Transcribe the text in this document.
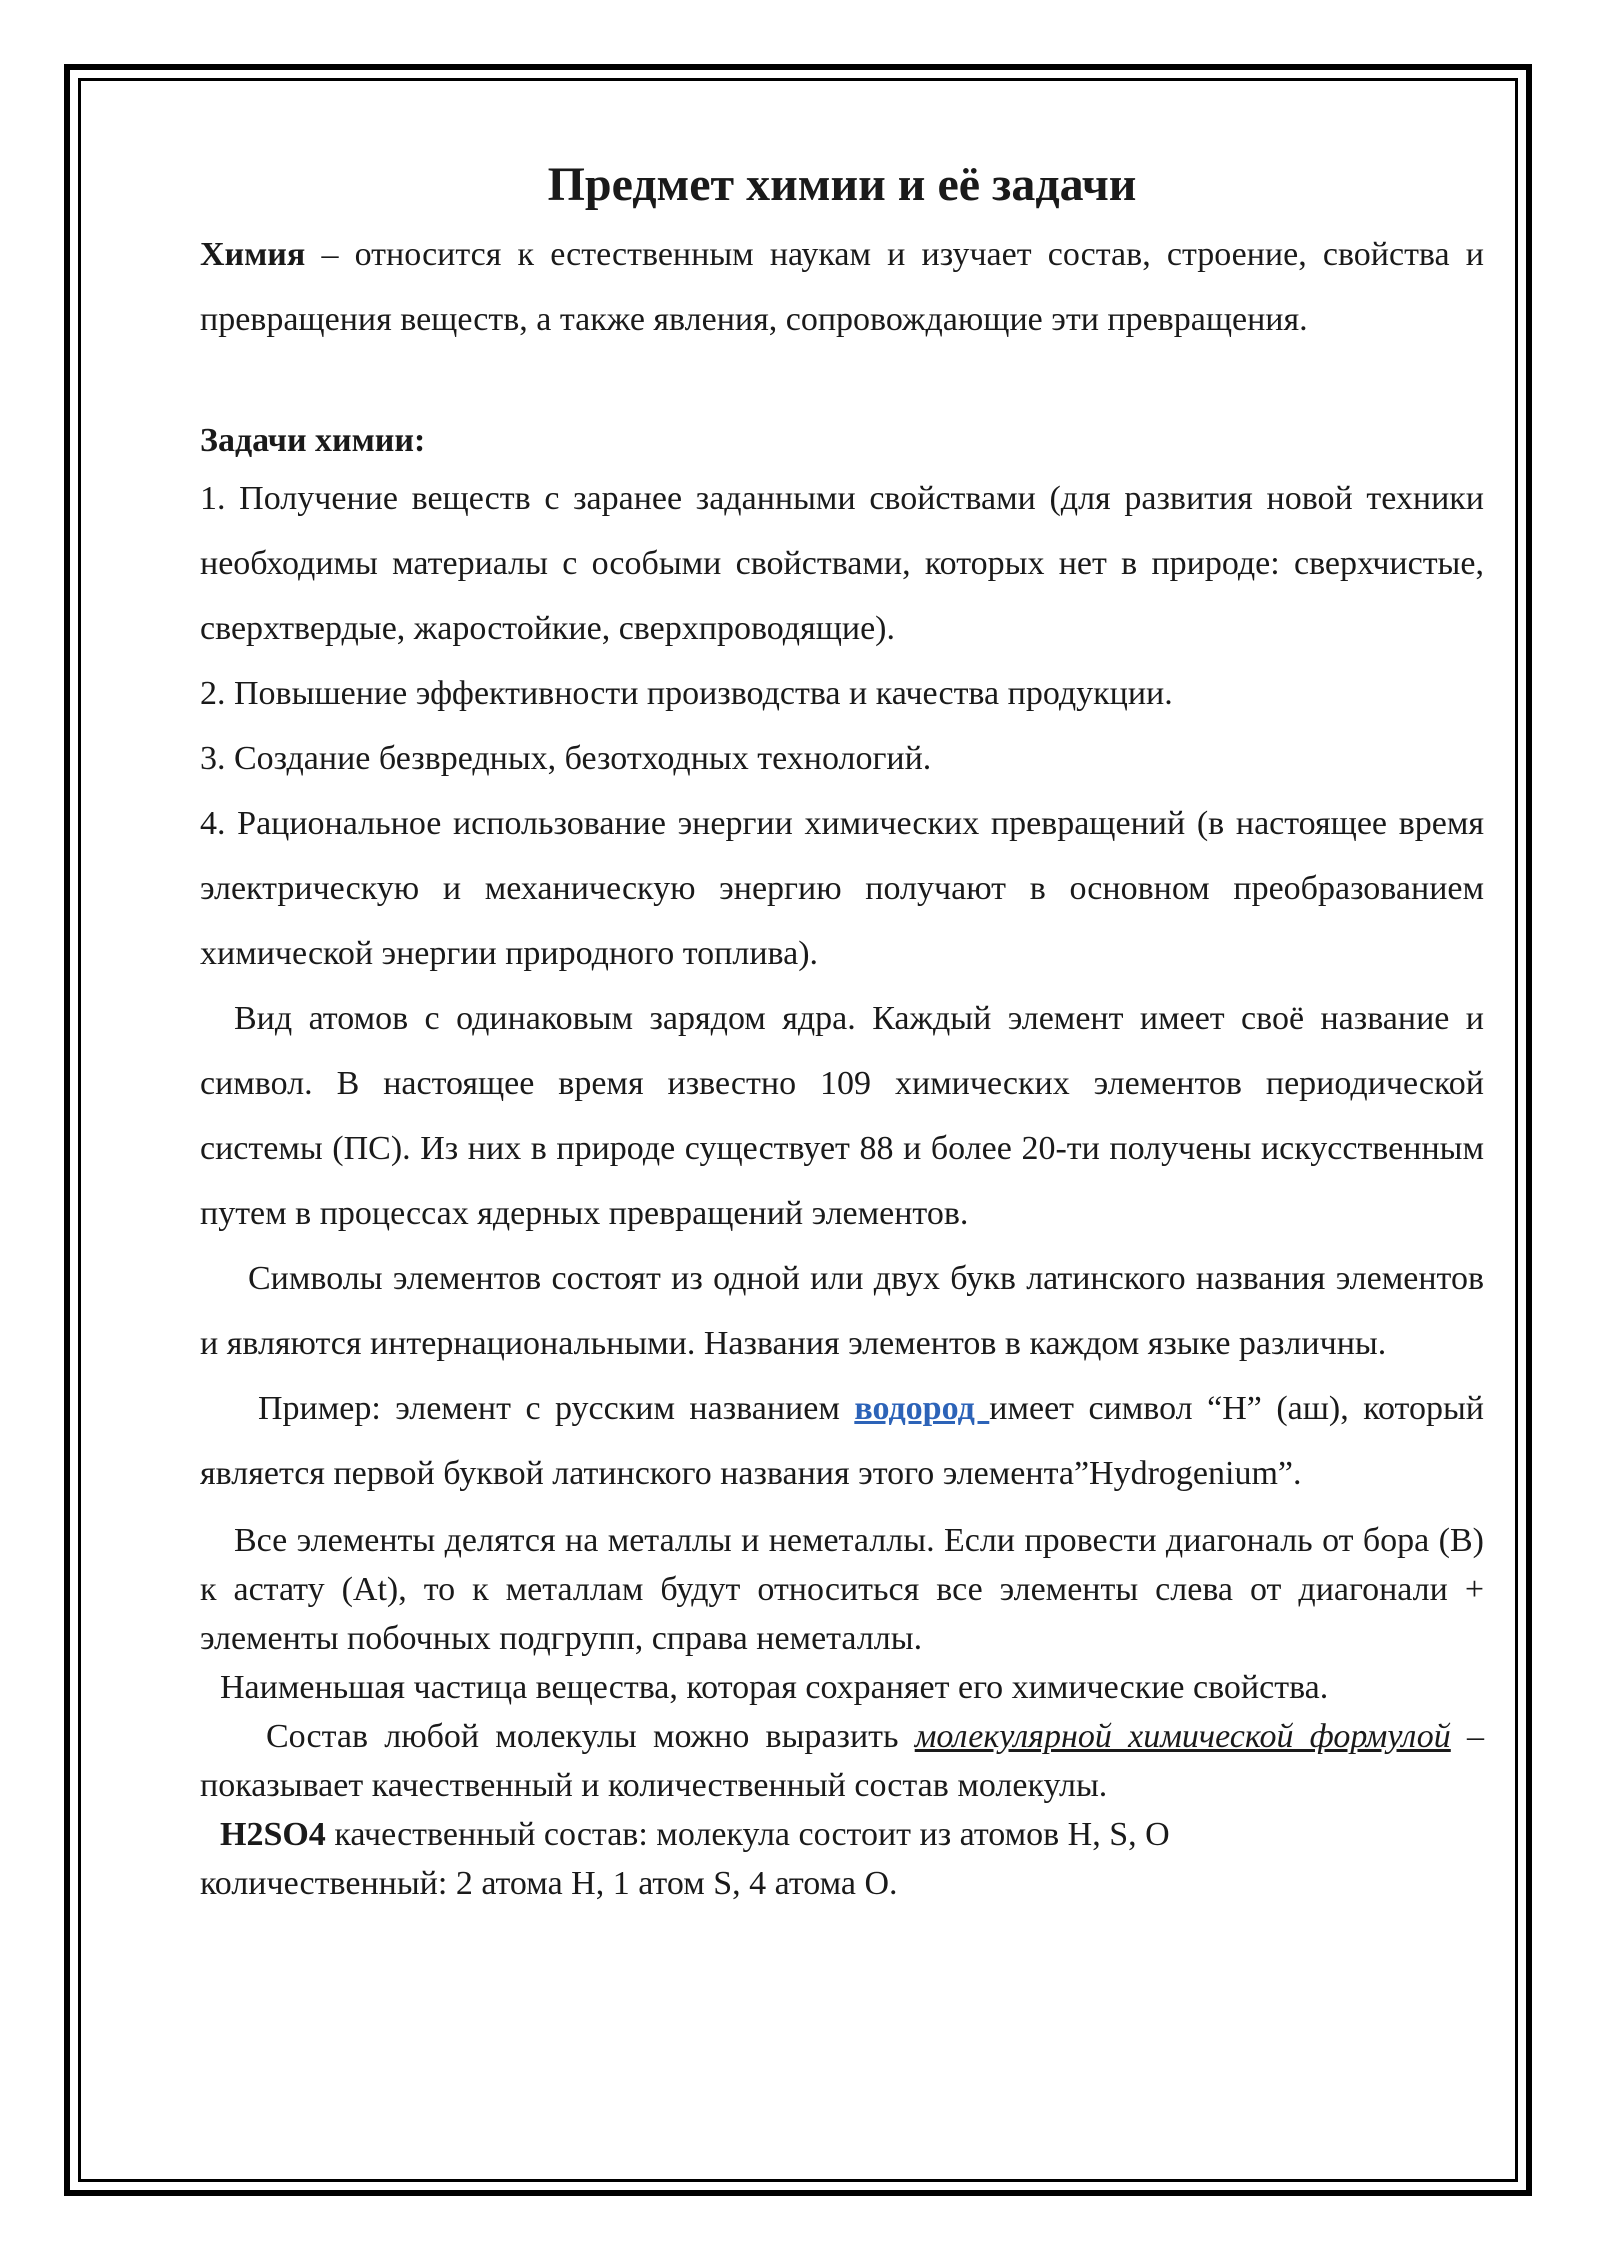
Предмет химии и её задачи

Химия – относится к естественным наукам и изучает состав, строение, свойства и превращения веществ, а также явления, сопровождающие эти превращения.

Задачи химии:

1. Получение веществ с заранее заданными свойствами (для развития новой техники необходимы материалы с особыми свойствами, которых нет в природе: сверхчистые, сверхтвердые, жаростойкие, сверхпроводящие).

2. Повышение эффективности производства и качества продукции.

3. Создание безвредных, безотходных технологий.

4. Рациональное использование энергии химических превращений (в настоящее время электрическую и механическую энергию получают в основном преобразованием химической энергии природного топлива).

Вид атомов с одинаковым зарядом ядра. Каждый элемент имеет своё название и символ. В настоящее время известно 109 химических элементов периодической системы (ПС). Из них в природе существует 88 и более 20-ти получены искусственным путем в процессах ядерных превращений элементов.

Символы элементов состоят из одной или двух букв латинского названия элементов и являются интернациональными. Названия элементов в каждом языке различны.

Пример: элемент с русским названием водород имеет символ “H” (аш), который является первой буквой латинского названия этого элемента”Hydrogenium”.

Все элементы делятся на металлы и неметаллы. Если провести диагональ от бора (B) к астату (At), то к металлам будут относиться все элементы слева от диагонали + элементы побочных подгрупп, справа неметаллы.

Наименьшая частица вещества, которая сохраняет его химические свойства.

Состав любой молекулы можно выразить молекулярной химической формулой – показывает качественный и количественный состав молекулы.

H2SO4 качественный состав: молекула состоит из атомов H, S, O

количественный: 2 атома H, 1 атом S, 4 атома O.
